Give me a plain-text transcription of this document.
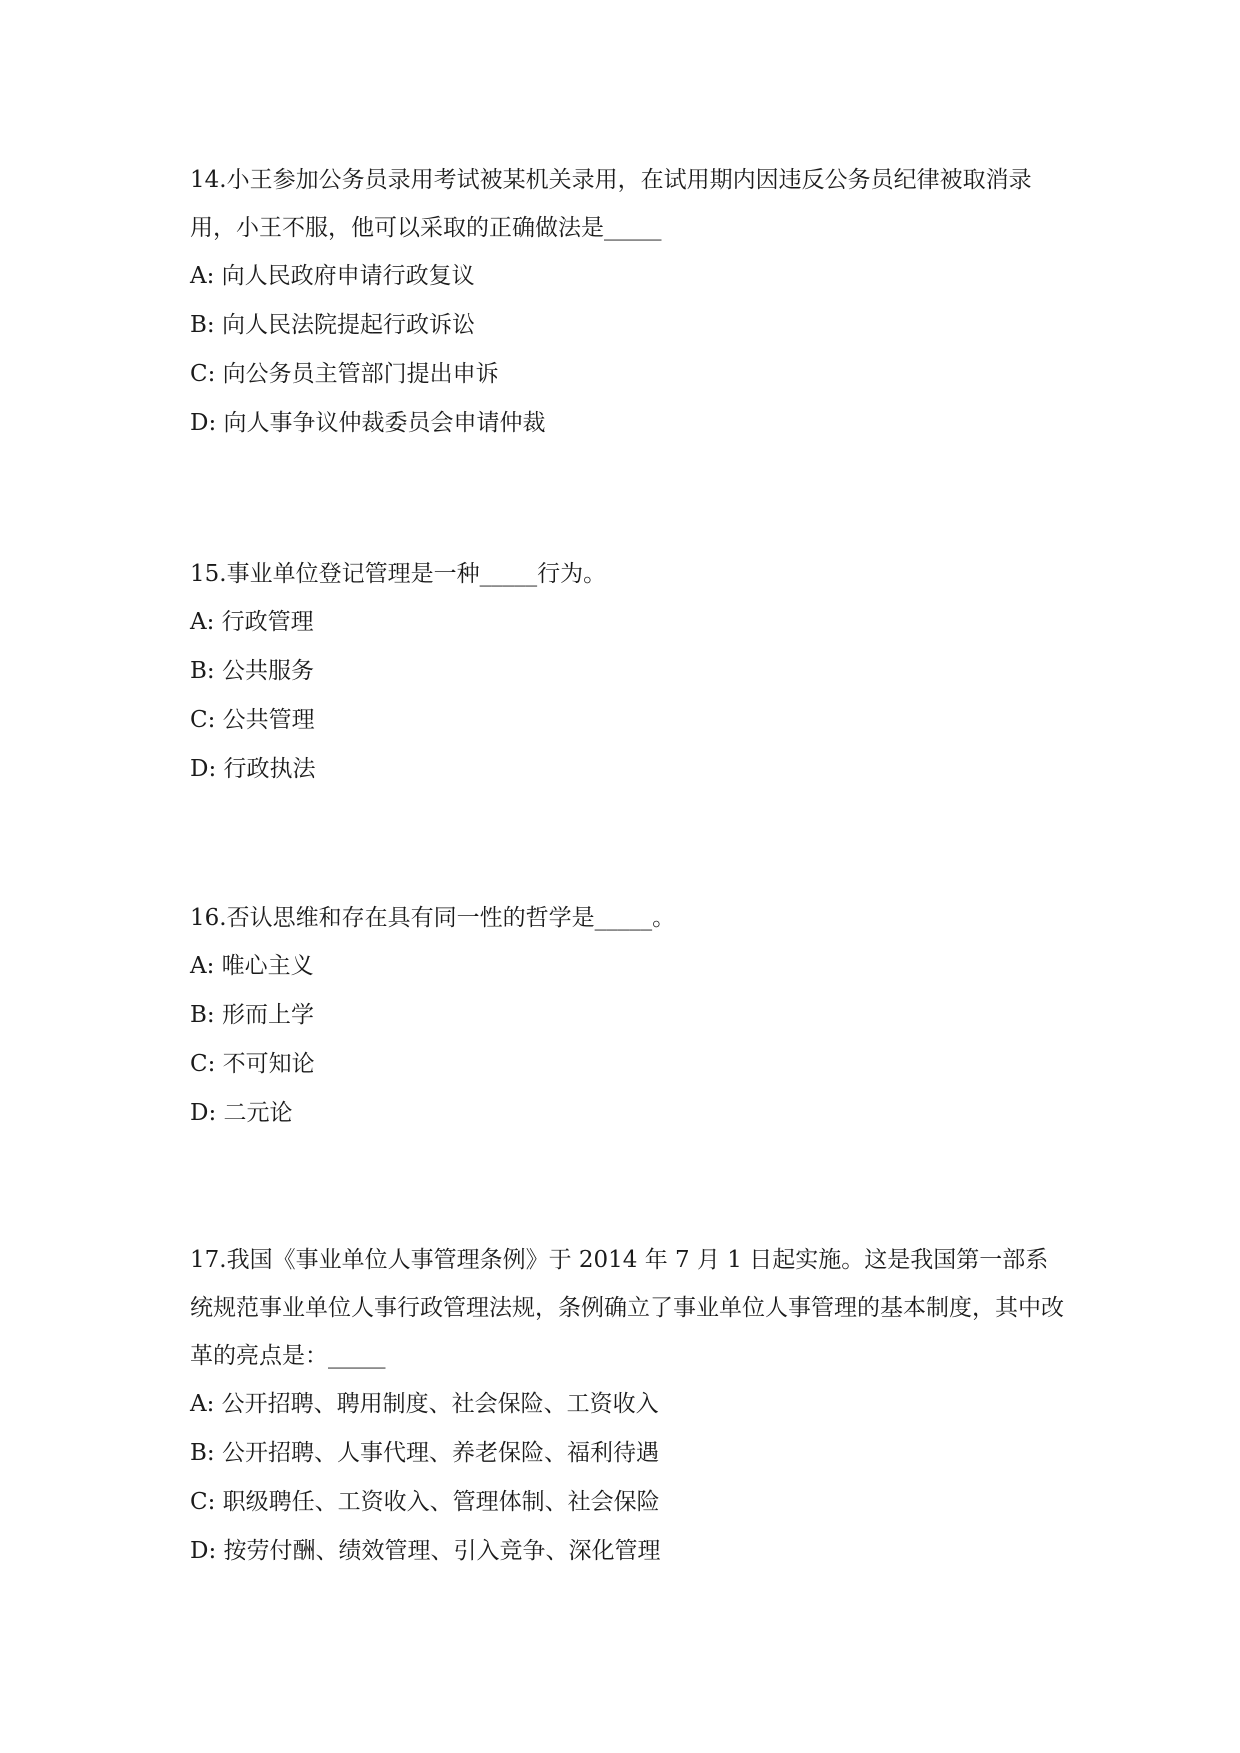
14.小王参加公务员录用考试被某机关录用，在试用期内因违反公务员纪律被取消录用，小王不服，他可以采取的正确做法是_____

A: 向人民政府申请行政复议
B: 向人民法院提起行政诉讼
C: 向公务员主管部门提出申诉
D: 向人事争议仲裁委员会申请仲裁

15.事业单位登记管理是一种_____行为。

A: 行政管理
B: 公共服务
C: 公共管理
D: 行政执法

16.否认思维和存在具有同一性的哲学是_____。

A: 唯心主义
B: 形而上学
C: 不可知论
D: 二元论

17.我国《事业单位人事管理条例》于 2014 年 7 月 1 日起实施。这是我国第一部系统规范事业单位人事行政管理法规，条例确立了事业单位人事管理的基本制度，其中改革的亮点是：_____

A: 公开招聘、聘用制度、社会保险、工资收入
B: 公开招聘、人事代理、养老保险、福利待遇
C: 职级聘任、工资收入、管理体制、社会保险
D: 按劳付酬、绩效管理、引入竞争、深化管理
